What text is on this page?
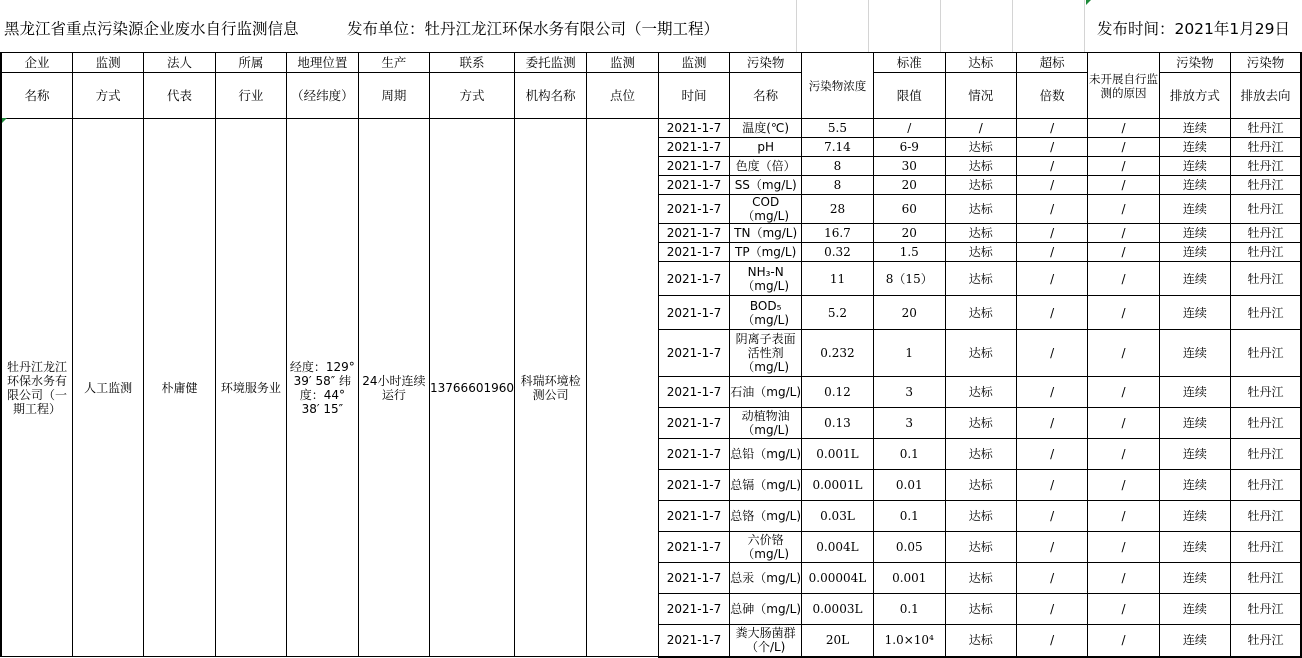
黑龙江省重点污染源企业废水自行监测信息	发布单位：牡丹江龙江环保水务有限公司（一期工程）	发布时间：2021年1月29日
企业	监测	法人	所属	地理位置	生产	联系	委托监测	监测	监测	污染物	污染物浓度	标准	达标	超标	未开展自行监测的原因	污染物	污染物
名称	方式	代表	行业	（经纬度）	周期	方式	机构名称	点位	时间	名称		限值	情况	倍数		排放方式	排放去向
牡丹江龙江环保水务有限公司（一期工程）	人工监测	朴庸健	环境服务业	经度：129° 39′ 58″ 纬度：44° 38′ 15″	24小时连续运行	13766601960	科瑞环境检测公司		2021-1-7	温度(℃)	5.5	/	/	/	/	连续	牡丹江
									2021-1-7	pH	7.14	6-9	达标	/	/	连续	牡丹江
									2021-1-7	色度（倍）	8	30	达标	/	/	连续	牡丹江
									2021-1-7	SS（mg/L)	8	20	达标	/	/	连续	牡丹江
									2021-1-7	COD（mg/L)	28	60	达标	/	/	连续	牡丹江
									2021-1-7	TN（mg/L)	16.7	20	达标	/	/	连续	牡丹江
									2021-1-7	TP（mg/L)	0.32	1.5	达标	/	/	连续	牡丹江
									2021-1-7	NH₃-N（mg/L)	11	8（15）	达标	/	/	连续	牡丹江
									2021-1-7	BOD₅（mg/L)	5.2	20	达标	/	/	连续	牡丹江
									2021-1-7	阴离子表面活性剂（mg/L)	0.232	1	达标	/	/	连续	牡丹江
									2021-1-7	石油（mg/L)	0.12	3	达标	/	/	连续	牡丹江
									2021-1-7	动植物油（mg/L)	0.13	3	达标	/	/	连续	牡丹江
									2021-1-7	总铅（mg/L)	0.001L	0.1	达标	/	/	连续	牡丹江
									2021-1-7	总镉（mg/L)	0.0001L	0.01	达标	/	/	连续	牡丹江
									2021-1-7	总铬（mg/L)	0.03L	0.1	达标	/	/	连续	牡丹江
									2021-1-7	六价铬（mg/L)	0.004L	0.05	达标	/	/	连续	牡丹江
									2021-1-7	总汞（mg/L)	0.00004L	0.001	达标	/	/	连续	牡丹江
									2021-1-7	总砷（mg/L)	0.0003L	0.1	达标	/	/	连续	牡丹江
									2021-1-7	粪大肠菌群（个/L)	20L	1.0×10⁴	达标	/	/	连续	牡丹江
